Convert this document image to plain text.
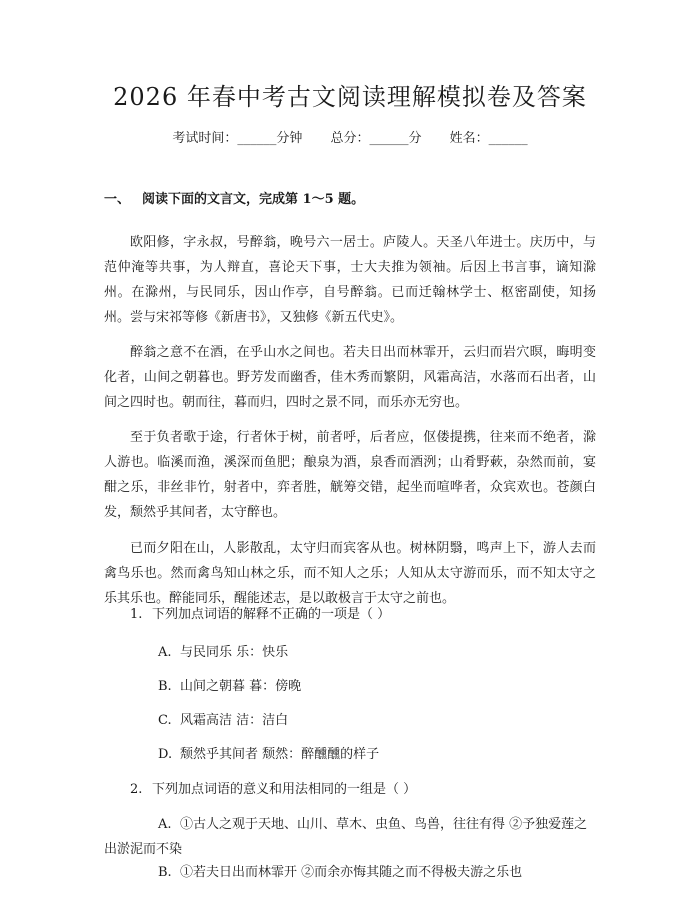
2026 年春中考古文阅读理解模拟卷及答案
考试时间：______分钟 总分：______分 姓名：______
一、 阅读下面的文言文，完成第 1～5 题。

欧阳修，字永叔，号醉翁，晚号六一居士。庐陵人。天圣八年进士。庆历中，与范仲淹等共事，为人辩直，喜论天下事，士大夫推为领袖。后因上书言事，谪知滁州。在滁州，与民同乐，因山作亭，自号醉翁。已而迁翰林学士、枢密副使，知扬州。尝与宋祁等修《新唐书》，又独修《新五代史》。

醉翁之意不在酒，在乎山水之间也。若夫日出而林霏开，云归而岩穴暝，晦明变化者，山间之朝暮也。野芳发而幽香，佳木秀而繁阴，风霜高洁，水落而石出者，山间之四时也。朝而往，暮而归，四时之景不同，而乐亦无穷也。

至于负者歌于途，行者休于树，前者呼，后者应，伛偻提携，往来而不绝者，滁人游也。临溪而渔，溪深而鱼肥；酿泉为酒，泉香而酒洌；山肴野蔌，杂然而前，宴酣之乐，非丝非竹，射者中，弈者胜，觥筹交错，起坐而喧哗者，众宾欢也。苍颜白发，颓然乎其间者，太守醉也。

已而夕阳在山，人影散乱，太守归而宾客从也。树林阴翳，鸣声上下，游人去而禽鸟乐也。然而禽鸟知山林之乐，而不知人之乐；人知从太守游而乐，而不知太守之乐其乐也。醉能同乐，醒能述志，是以敢极言于太守之前也。

1. 下列加点词语的解释不正确的一项是（ ）
A. 与民同乐 乐：快乐
B. 山间之朝暮 暮：傍晚
C. 风霜高洁 洁：洁白
D. 颓然乎其间者 颓然：醉醺醺的样子
2. 下列加点词语的意义和用法相同的一组是（ ）
A. ①古人之观于天地、山川、草木、虫鱼、鸟兽，往往有得 ②予独爱莲之出淤泥而不染
B. ①若夫日出而林霏开 ②而余亦悔其随之而不得极夫游之乐也
